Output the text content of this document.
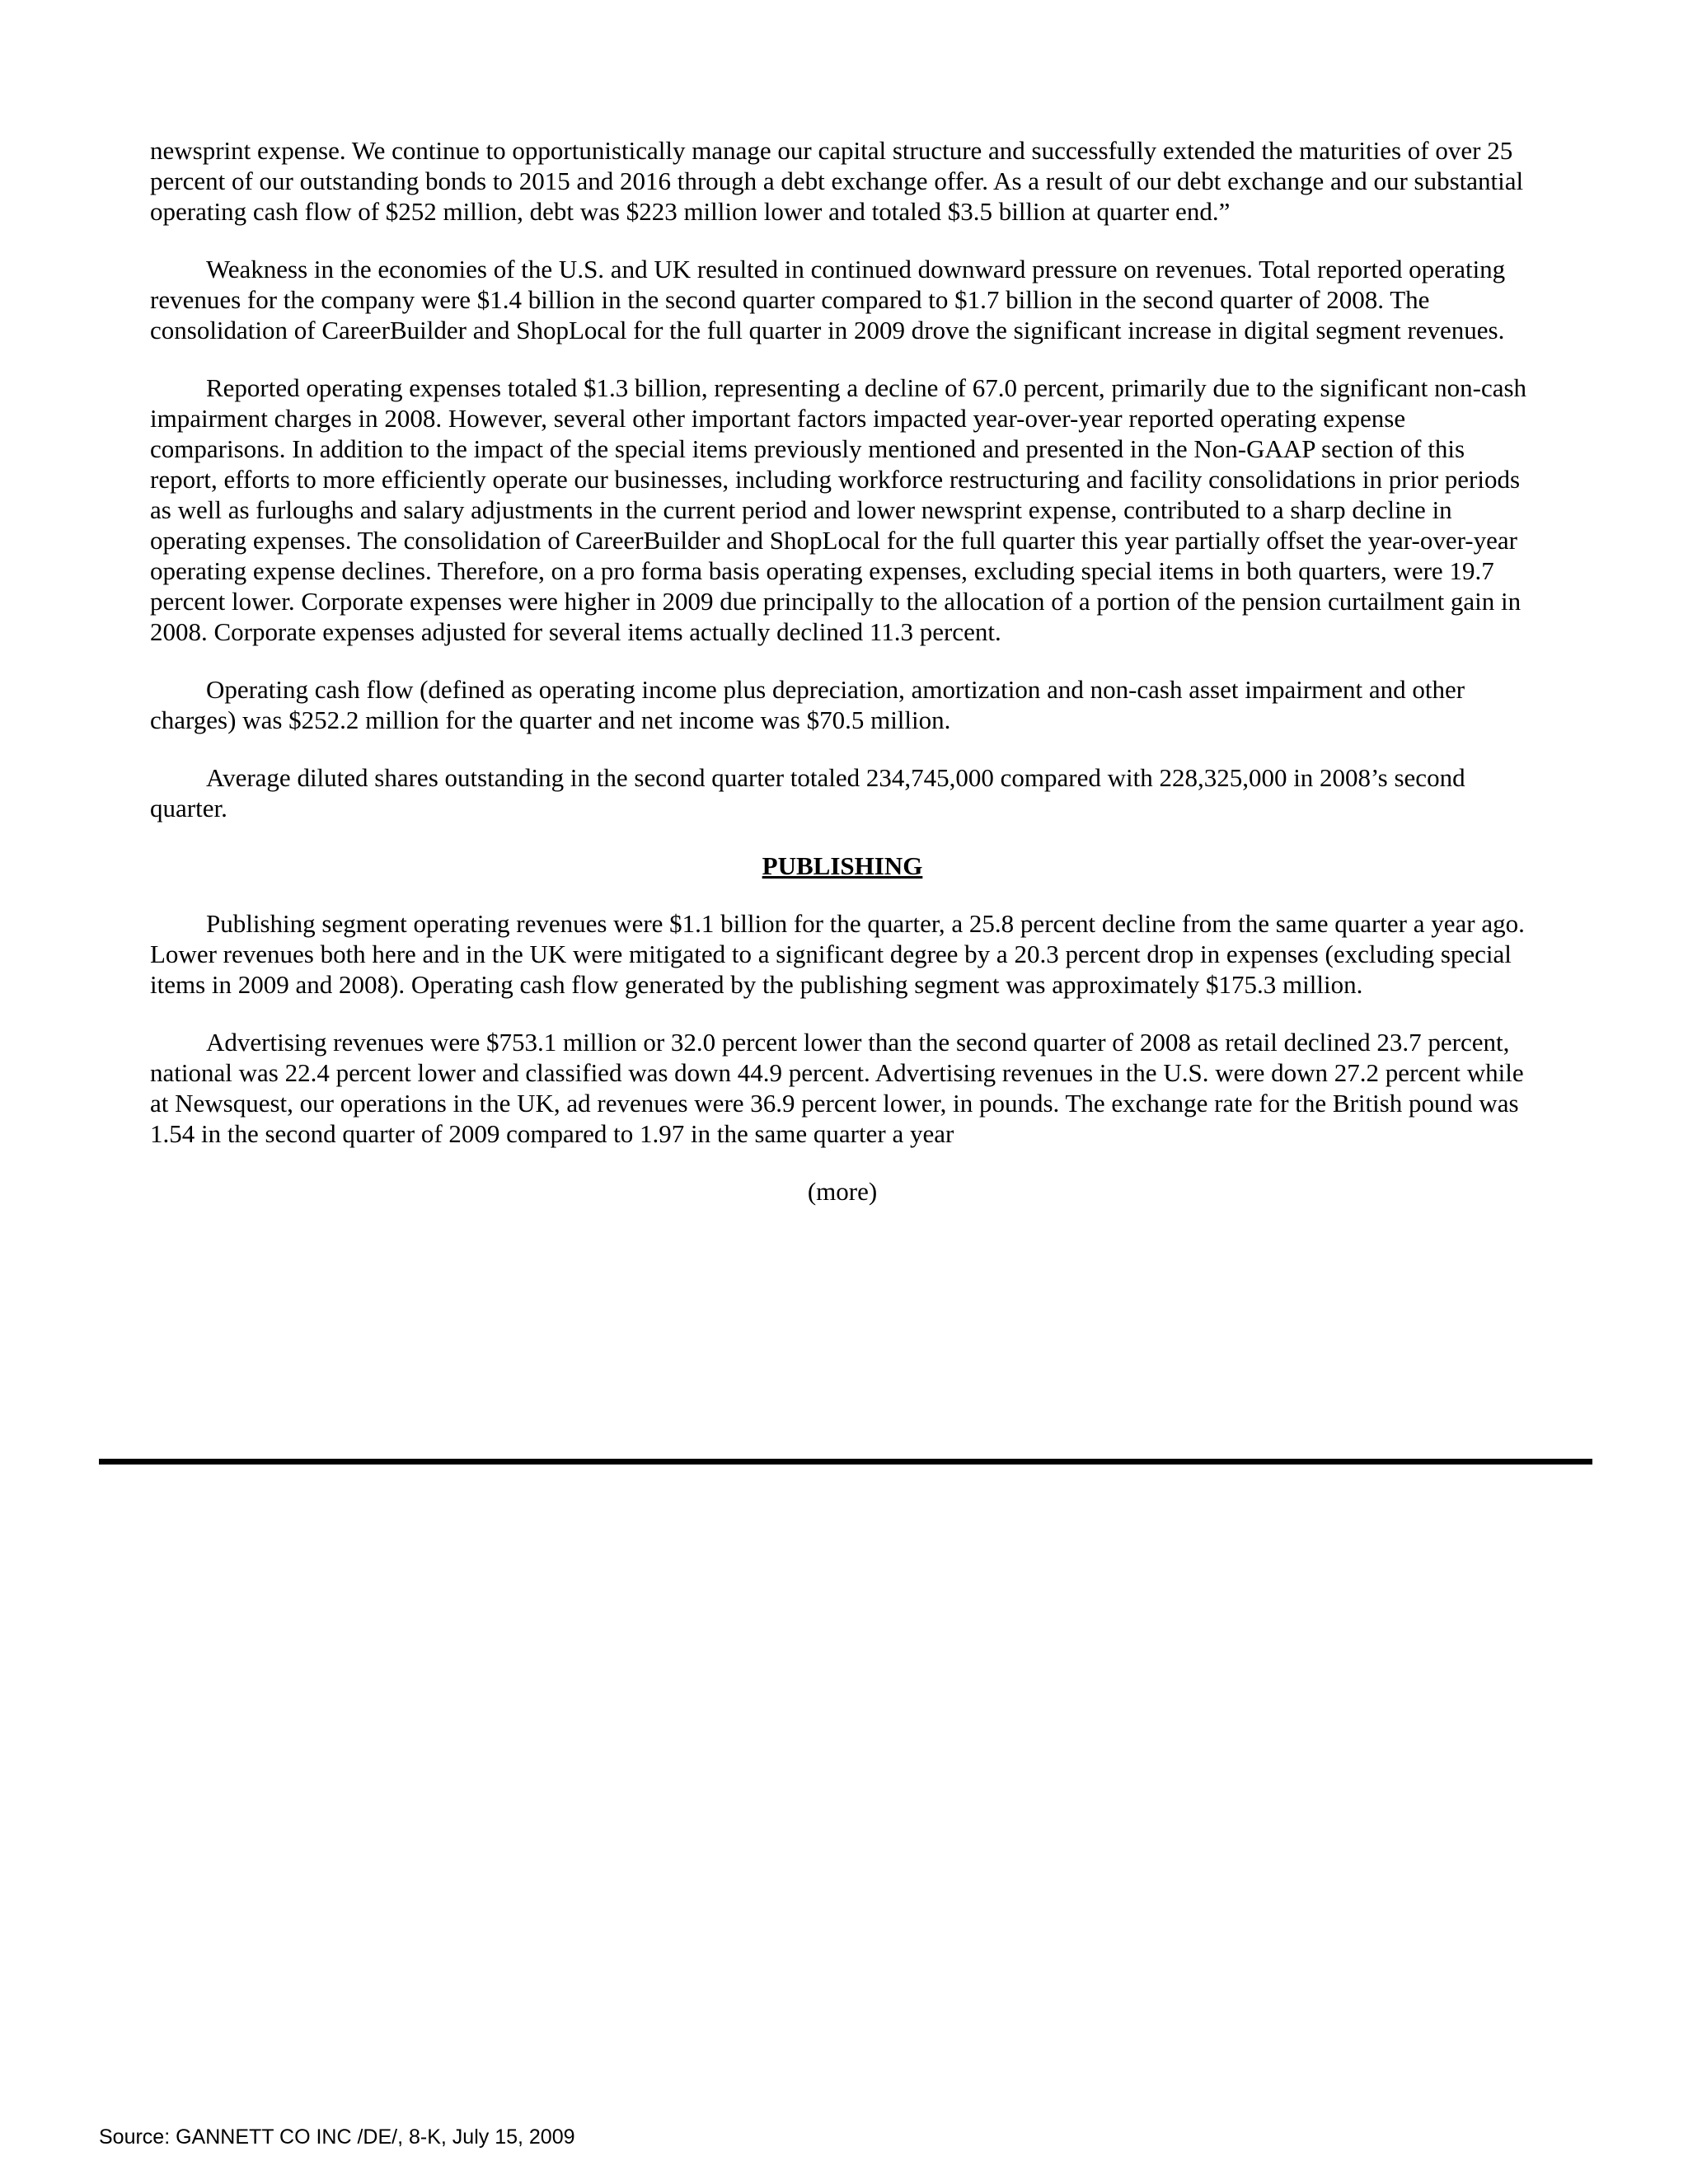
newsprint expense. We continue to opportunistically manage our capital structure and successfully extended the maturities of over 25 percent of our outstanding bonds to 2015 and 2016 through a debt exchange offer. As a result of our debt exchange and our substantial operating cash flow of $252 million, debt was $223 million lower and totaled $3.5 billion at quarter end.”

Weakness in the economies of the U.S. and UK resulted in continued downward pressure on revenues. Total reported operating revenues for the company were $1.4 billion in the second quarter compared to $1.7 billion in the second quarter of 2008. The consolidation of CareerBuilder and ShopLocal for the full quarter in 2009 drove the significant increase in digital segment revenues.

Reported operating expenses totaled $1.3 billion, representing a decline of 67.0 percent, primarily due to the significant non-cash impairment charges in 2008. However, several other important factors impacted year-over-year reported operating expense comparisons. In addition to the impact of the special items previously mentioned and presented in the Non-GAAP section of this report, efforts to more efficiently operate our businesses, including workforce restructuring and facility consolidations in prior periods as well as furloughs and salary adjustments in the current period and lower newsprint expense, contributed to a sharp decline in operating expenses. The consolidation of CareerBuilder and ShopLocal for the full quarter this year partially offset the year-over-year operating expense declines. Therefore, on a pro forma basis operating expenses, excluding special items in both quarters, were 19.7 percent lower. Corporate expenses were higher in 2009 due principally to the allocation of a portion of the pension curtailment gain in 2008. Corporate expenses adjusted for several items actually declined 11.3 percent.

Operating cash flow (defined as operating income plus depreciation, amortization and non-cash asset impairment and other charges) was $252.2 million for the quarter and net income was $70.5 million.

Average diluted shares outstanding in the second quarter totaled 234,745,000 compared with 228,325,000 in 2008’s second quarter.

PUBLISHING

Publishing segment operating revenues were $1.1 billion for the quarter, a 25.8 percent decline from the same quarter a year ago. Lower revenues both here and in the UK were mitigated to a significant degree by a 20.3 percent drop in expenses (excluding special items in 2009 and 2008). Operating cash flow generated by the publishing segment was approximately $175.3 million.

Advertising revenues were $753.1 million or 32.0 percent lower than the second quarter of 2008 as retail declined 23.7 percent, national was 22.4 percent lower and classified was down 44.9 percent. Advertising revenues in the U.S. were down 27.2 percent while at Newsquest, our operations in the UK, ad revenues were 36.9 percent lower, in pounds. The exchange rate for the British pound was 1.54 in the second quarter of 2009 compared to 1.97 in the same quarter a year

(more)

Source: GANNETT CO INC /DE/, 8-K, July 15, 2009
